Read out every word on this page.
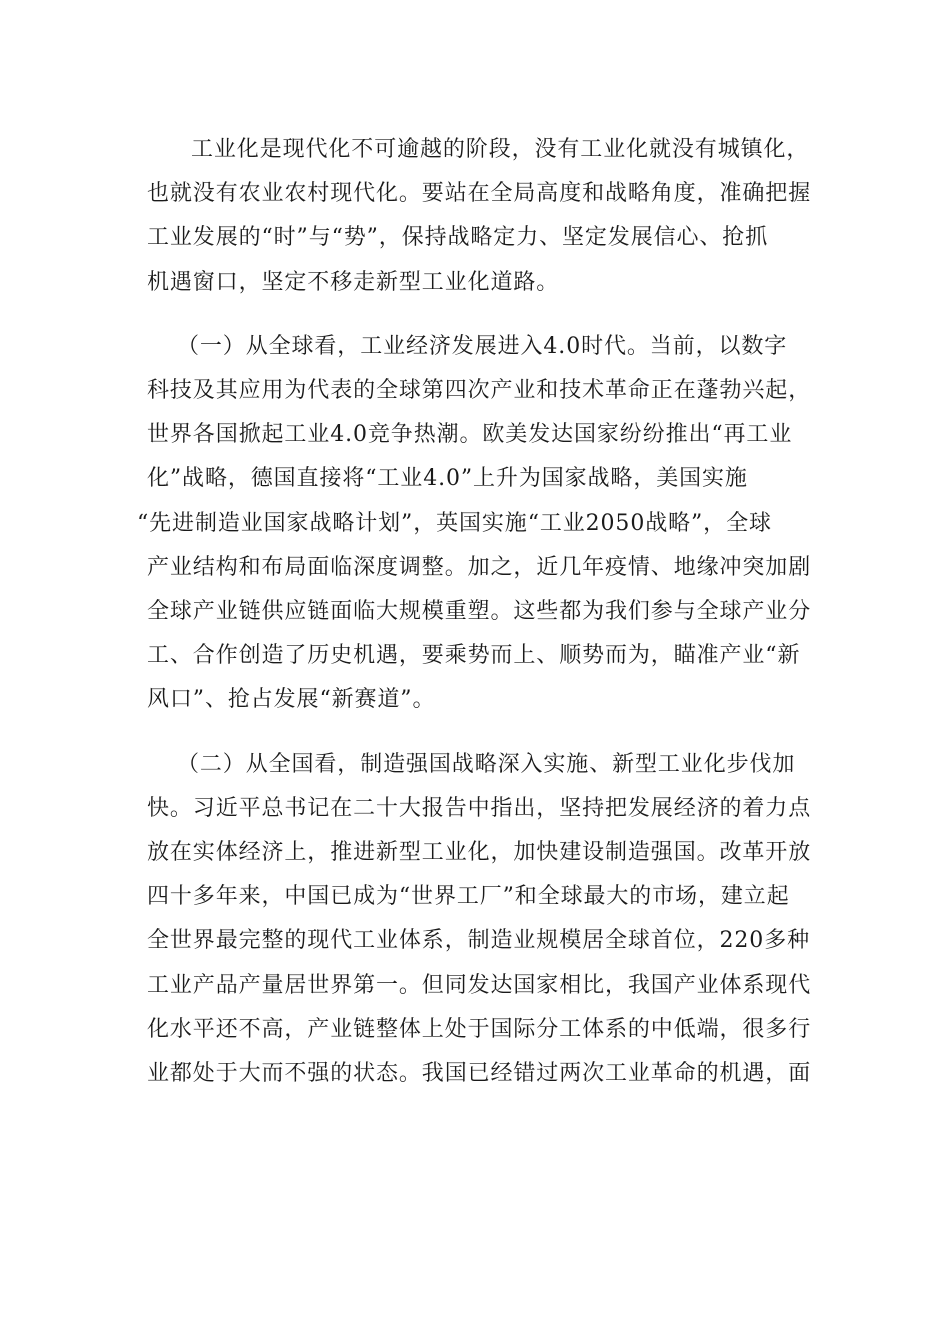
工业化是现代化不可逾越的阶段，没有工业化就没有城镇化，
也就没有农业农村现代化。要站在全局高度和战略角度，准确把握
工业发展的“时”与“势”，保持战略定力、坚定发展信心、抢抓
机遇窗口，坚定不移走新型工业化道路。

（一）从全球看，工业经济发展进入4.0时代。当前，以数字
科技及其应用为代表的全球第四次产业和技术革命正在蓬勃兴起，
世界各国掀起工业4.0竞争热潮。欧美发达国家纷纷推出“再工业
化”战略，德国直接将“工业4.0”上升为国家战略，美国实施
“先进制造业国家战略计划”，英国实施“工业2050战略”，全球
产业结构和布局面临深度调整。加之，近几年疫情、地缘冲突加剧
全球产业链供应链面临大规模重塑。这些都为我们参与全球产业分
工、合作创造了历史机遇，要乘势而上、顺势而为，瞄准产业“新
风口”、抢占发展“新赛道”。

（二）从全国看，制造强国战略深入实施、新型工业化步伐加
快。习近平总书记在二十大报告中指出，坚持把发展经济的着力点
放在实体经济上，推进新型工业化，加快建设制造强国。改革开放
四十多年来，中国已成为“世界工厂”和全球最大的市场，建立起
全世界最完整的现代工业体系，制造业规模居全球首位，220多种
工业产品产量居世界第一。但同发达国家相比，我国产业体系现代
化水平还不高，产业链整体上处于国际分工体系的中低端，很多行
业都处于大而不强的状态。我国已经错过两次工业革命的机遇，面
